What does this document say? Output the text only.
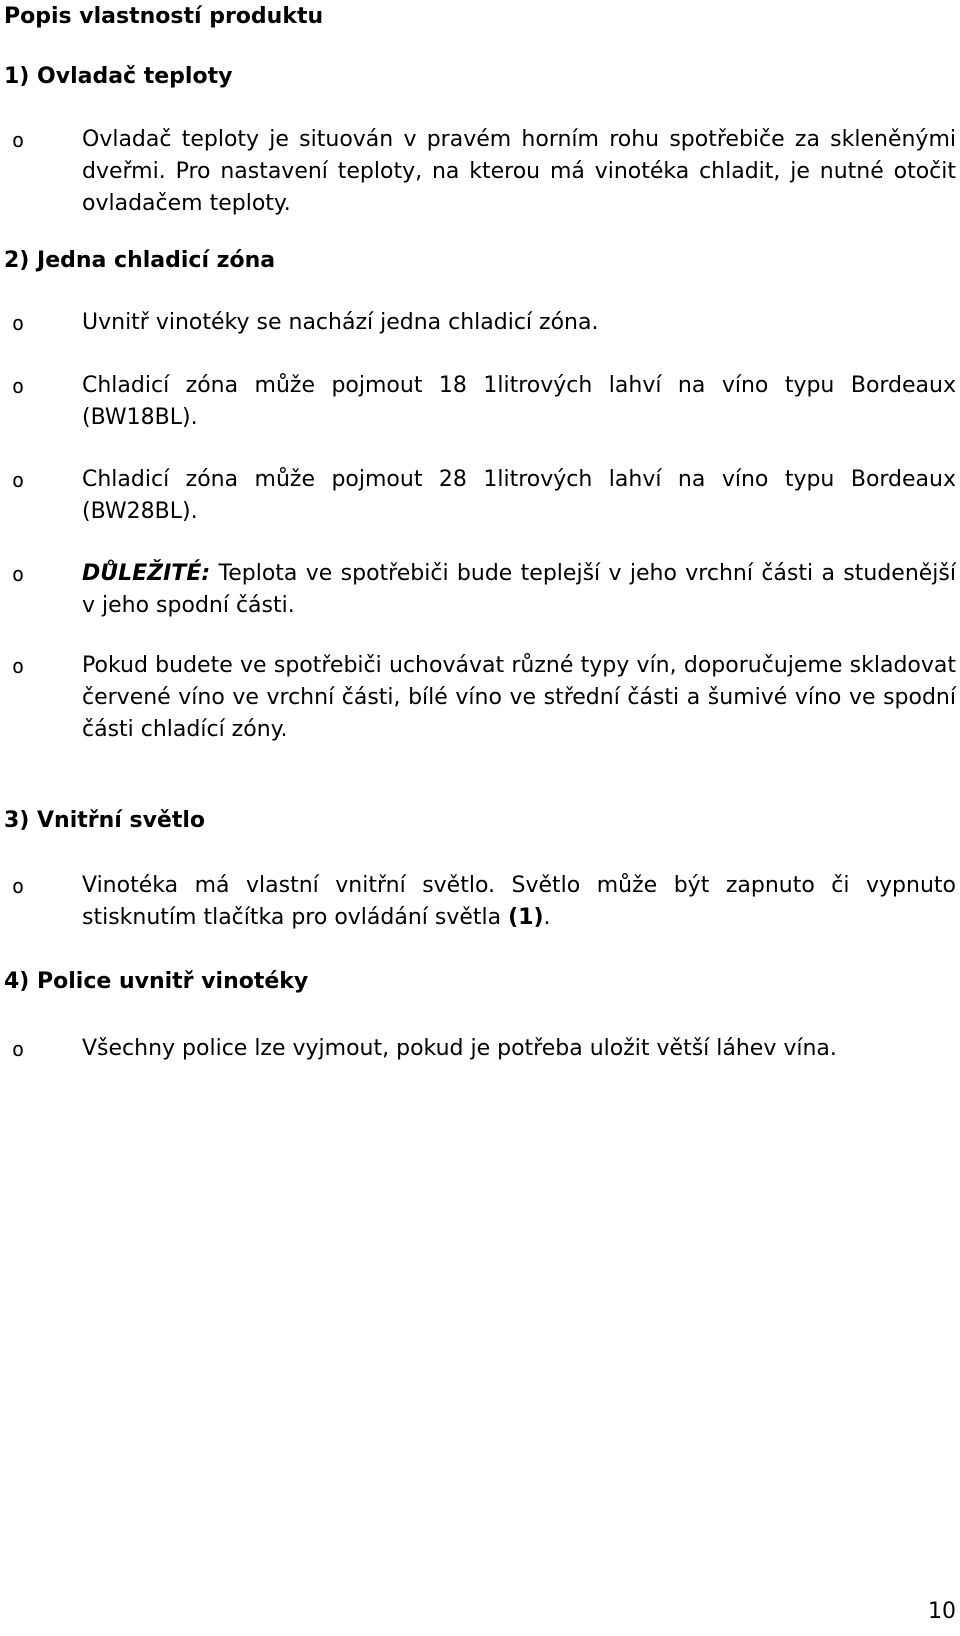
Popis vlastností produktu
1) Ovladač teploty
o	Ovladač teploty je situován v pravém horním rohu spotřebiče za skleněnými dveřmi. Pro nastavení teploty, na kterou má vinotéka chladit, je nutné otočit ovladačem teploty.
2) Jedna chladicí zóna
o	Uvnitř vinotéky se nachází jedna chladicí zóna.
o	Chladicí zóna může pojmout 18 1litrových lahví na víno typu Bordeaux (BW18BL).
o	Chladicí zóna může pojmout 28 1litrových lahví na víno typu Bordeaux (BW28BL).
o	DŮLEŽITÉ: Teplota ve spotřebiči bude teplejší v jeho vrchní části a studenější v jeho spodní části.
o	Pokud budete ve spotřebiči uchovávat různé typy vín, doporučujeme skladovat červené víno ve vrchní části, bílé víno ve střední části a šumivé víno ve spodní části chladící zóny.
3) Vnitřní světlo
o	Vinotéka má vlastní vnitřní světlo. Světlo může být zapnuto či vypnuto stisknutím tlačítka pro ovládání světla (1).
4) Police uvnitř vinotéky
o	Všechny police lze vyjmout, pokud je potřeba uložit větší láhev vína.
10
